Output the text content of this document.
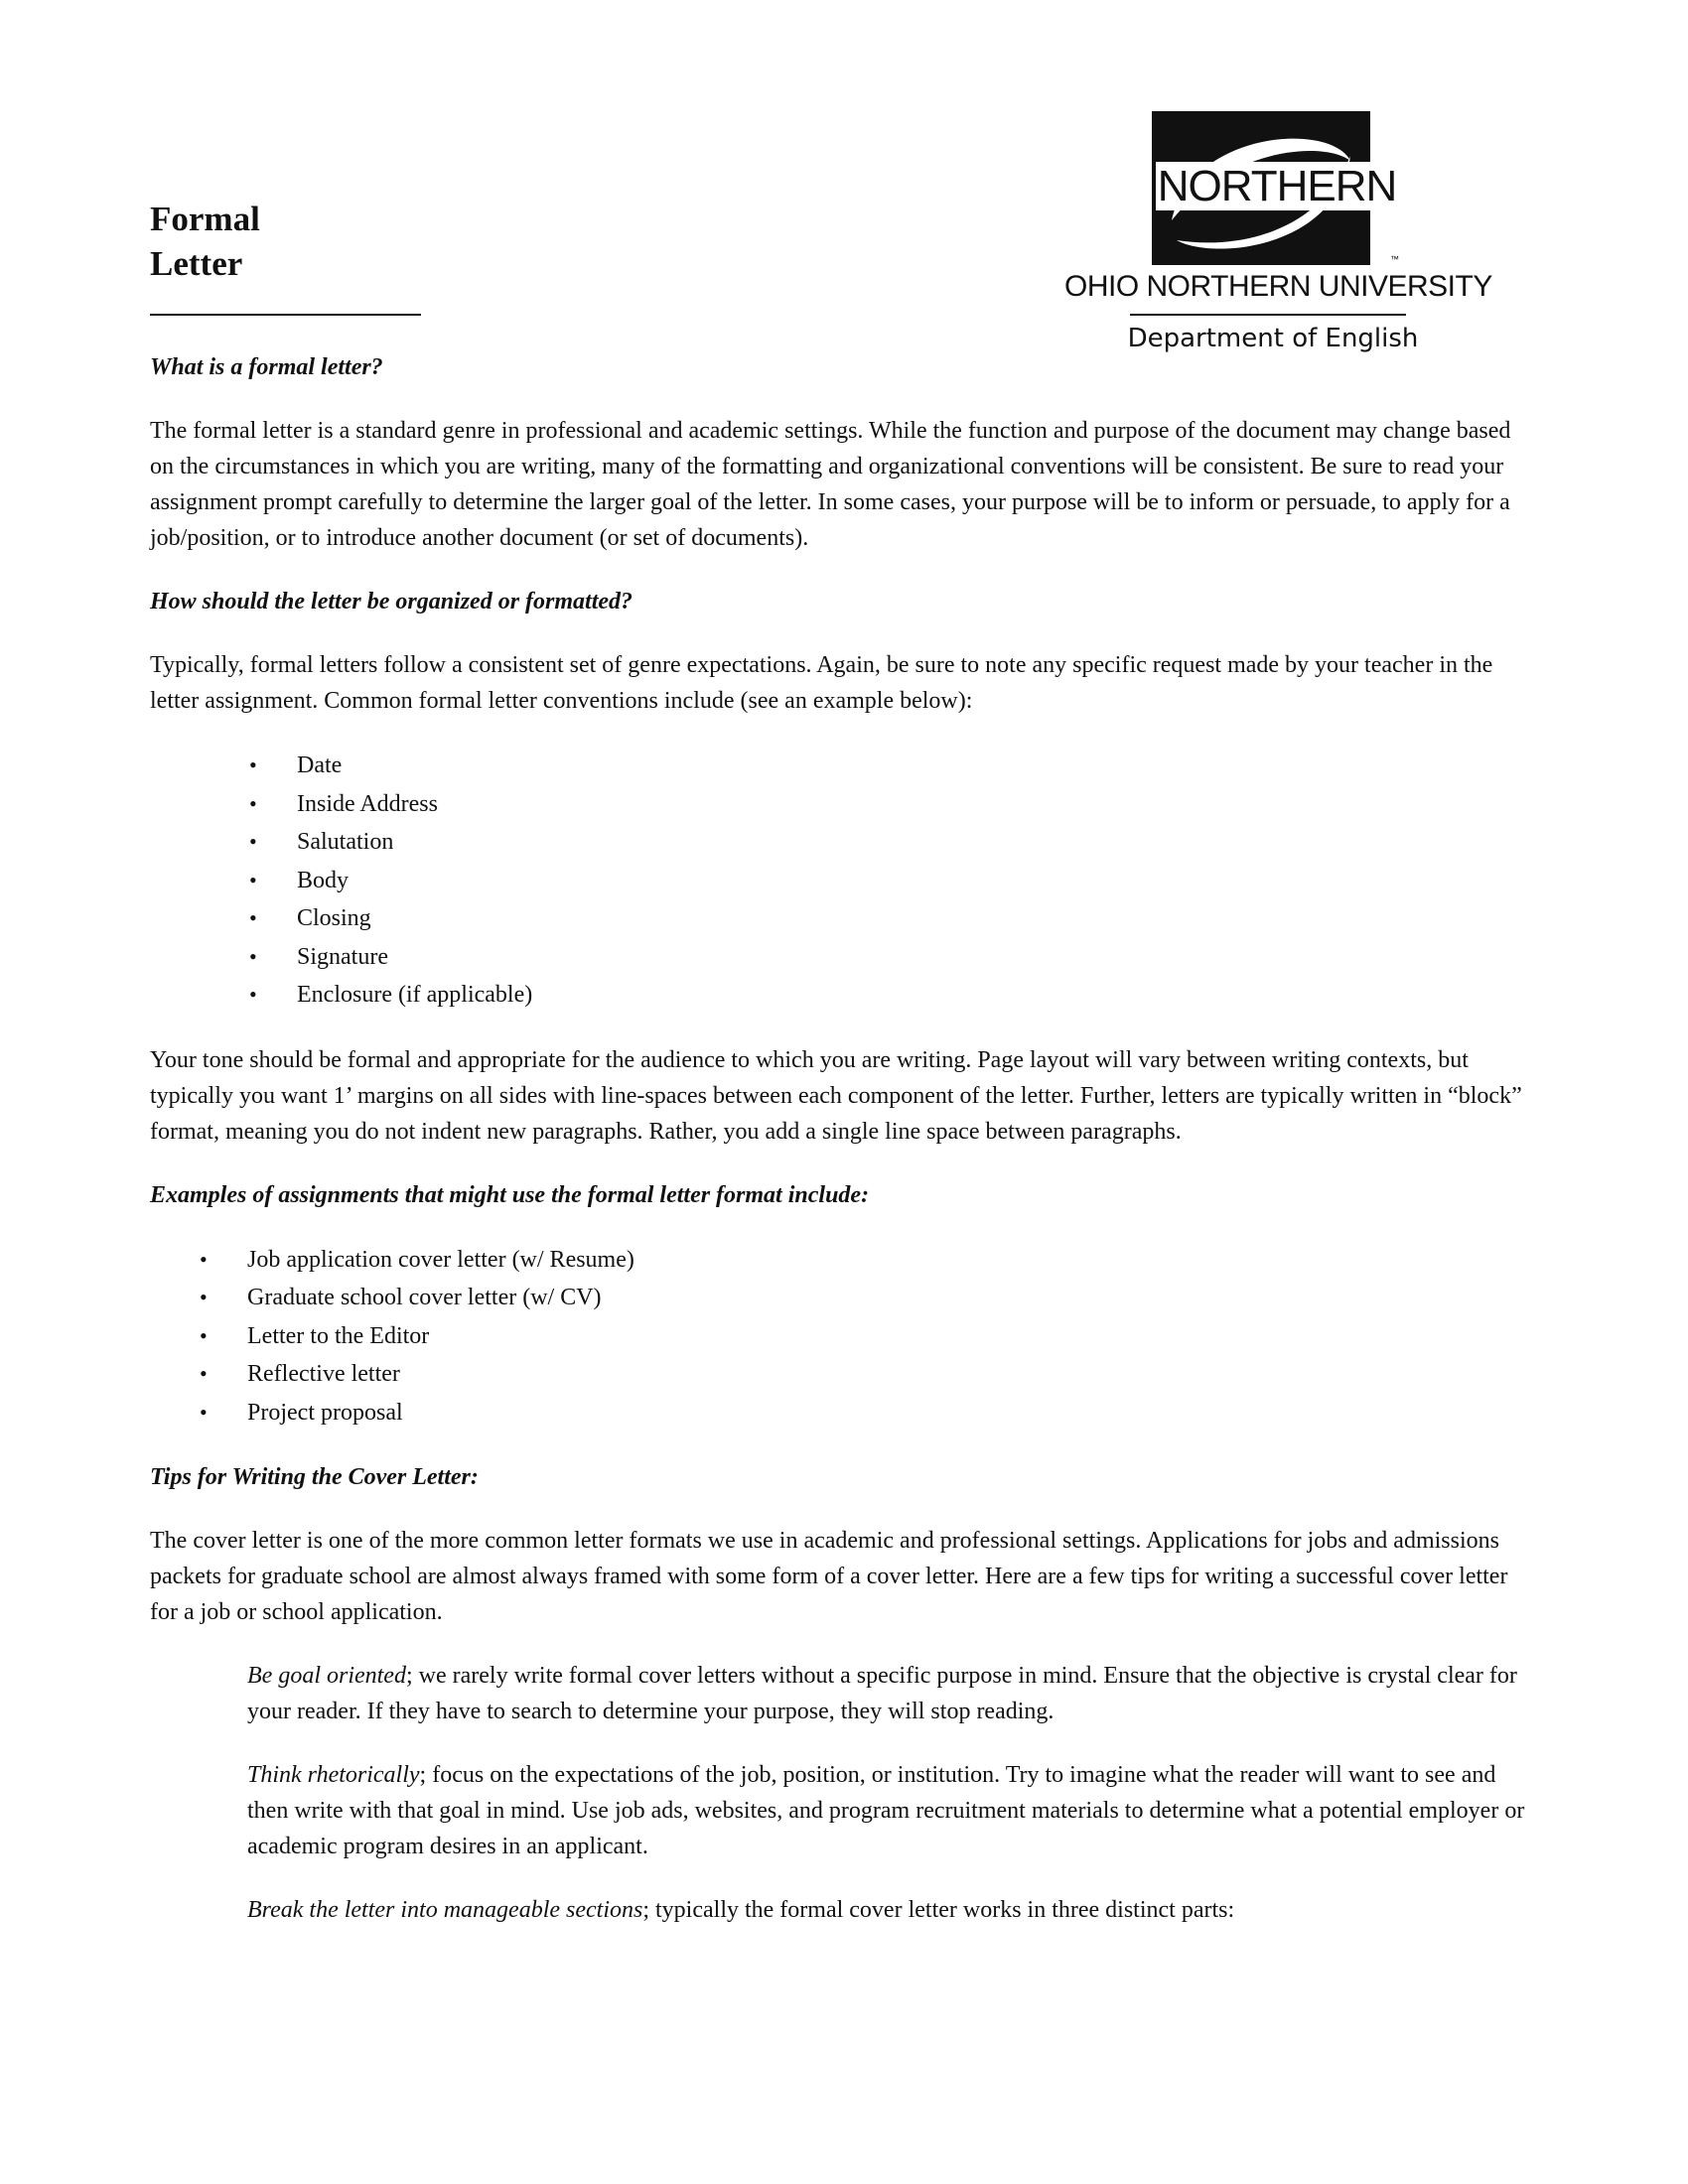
Formal
Letter
NORTHERN
™
OHIO NORTHERN UNIVERSITY
Department of English

What is a formal letter?

The formal letter is a standard genre in professional and academic settings. While the function and purpose of the document may change based on the circumstances in which you are writing, many of the formatting and organizational conventions will be consistent. Be sure to read your assignment prompt carefully to determine the larger goal of the letter. In some cases, your purpose will be to inform or persuade, to apply for a job/position, or to introduce another document (or set of documents).

How should the letter be organized or formatted?

Typically, formal letters follow a consistent set of genre expectations. Again, be sure to note any specific request made by your teacher in the letter assignment. Common formal letter conventions include (see an example below):

• Date
• Inside Address
• Salutation
• Body
• Closing
• Signature
• Enclosure (if applicable)

Your tone should be formal and appropriate for the audience to which you are writing. Page layout will vary between writing contexts, but typically you want 1’ margins on all sides with line-spaces between each component of the letter. Further, letters are typically written in “block” format, meaning you do not indent new paragraphs. Rather, you add a single line space between paragraphs.

Examples of assignments that might use the formal letter format include:

• Job application cover letter (w/ Resume)
• Graduate school cover letter (w/ CV)
• Letter to the Editor
• Reflective letter
• Project proposal

Tips for Writing the Cover Letter:

The cover letter is one of the more common letter formats we use in academic and professional settings. Applications for jobs and admissions packets for graduate school are almost always framed with some form of a cover letter. Here are a few tips for writing a successful cover letter for a job or school application.

Be goal oriented; we rarely write formal cover letters without a specific purpose in mind. Ensure that the objective is crystal clear for your reader. If they have to search to determine your purpose, they will stop reading.

Think rhetorically; focus on the expectations of the job, position, or institution. Try to imagine what the reader will want to see and then write with that goal in mind. Use job ads, websites, and program recruitment materials to determine what a potential employer or academic program desires in an applicant.

Break the letter into manageable sections; typically the formal cover letter works in three distinct parts:
